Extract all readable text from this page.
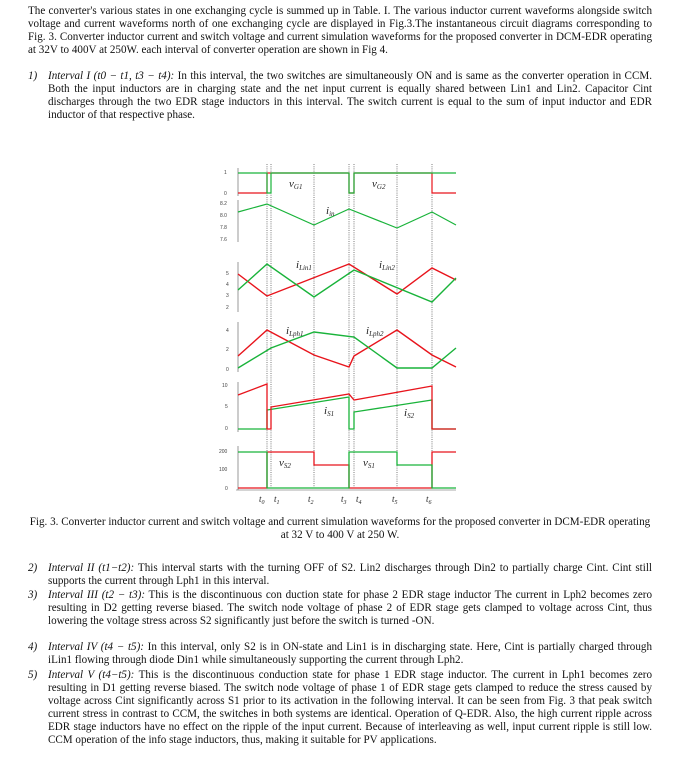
The converter's various states in one exchanging cycle is summed up in Table. I. The various inductor current waveforms alongside switch voltage and current waveforms north of one exchanging cycle are displayed in Fig.3.The instantaneous circuit diagrams corresponding to Fig. 3. Converter inductor current and switch voltage and current simulation waveforms for the proposed converter in DCM-EDR operating at 32V to 400V at 250W. each interval of converter operation are shown in Fig 4.

1) Interval I (t0 − t1, t3 − t4): In this interval, the two switches are simultaneously ON and is same as the converter operation in CCM. Both the input inductors are in charging state and the net input current is equally shared between Lin1 and Lin2. Capacitor Cint discharges through the two EDR stage inductors in this interval. The switch current is equal to the sum of input inductor and EDR inductor of that respective phase.
1
0
8.2
8.0
7.8
7.6
5
4
3
2
4
2
0
10
5
0
200
100
0
vG1	vG2
iin
iLin1	iLin2
iLph1	iLph2
iS1	iS2
vS2	vS1
$t_0$ $t_1$	$t_2$	$t_3$ $t_4$	$t_5$	$t_6$

Fig. 3. Converter inductor current and switch voltage and current simulation waveforms for the proposed converter in DCM-EDR operating at 32 V to 400 V at 250 W.

2) Interval II (t1−t2): This interval starts with the turning OFF of S2. Lin2 discharges through Din2 to partially charge Cint. Cint still supports the current through Lph1 in this interval.
3) Interval III (t2 − t3): This is the discontinuous con duction state for phase 2 EDR stage inductor The current in Lph2 becomes zero resulting in D2 getting reverse biased. The switch node voltage of phase 2 of EDR stage gets clamped to voltage across Cint, thus lowering the voltage stress across S2 significantly just before the switch is turned -ON.
4) Interval IV (t4 − t5): In this interval, only S2 is in ON-state and Lin1 is in discharging state. Here, Cint is partially charged through iLin1 flowing through diode Din1 while simultaneously supporting the current through Lph2.
5) Interval V (t4−t5): This is the discontinuous conduction state for phase 1 EDR stage inductor. The current in Lph1 becomes zero resulting in D1 getting reverse biased. The switch node voltage of phase 1 of EDR stage gets clamped to reduce the stress caused by voltage across Cint significantly across S1 prior to its activation in the following interval. It can be seen from Fig. 3 that peak switch current stress in contrast to CCM, the switches in both systems are identical. Operation of Q-EDR. Also, the high current ripple across EDR stage inductors have no effect on the ripple of the input current. Because of interleaving as well, input current ripple is still low. CCM operation of the info stage inductors, thus, making it suitable for PV applications.
